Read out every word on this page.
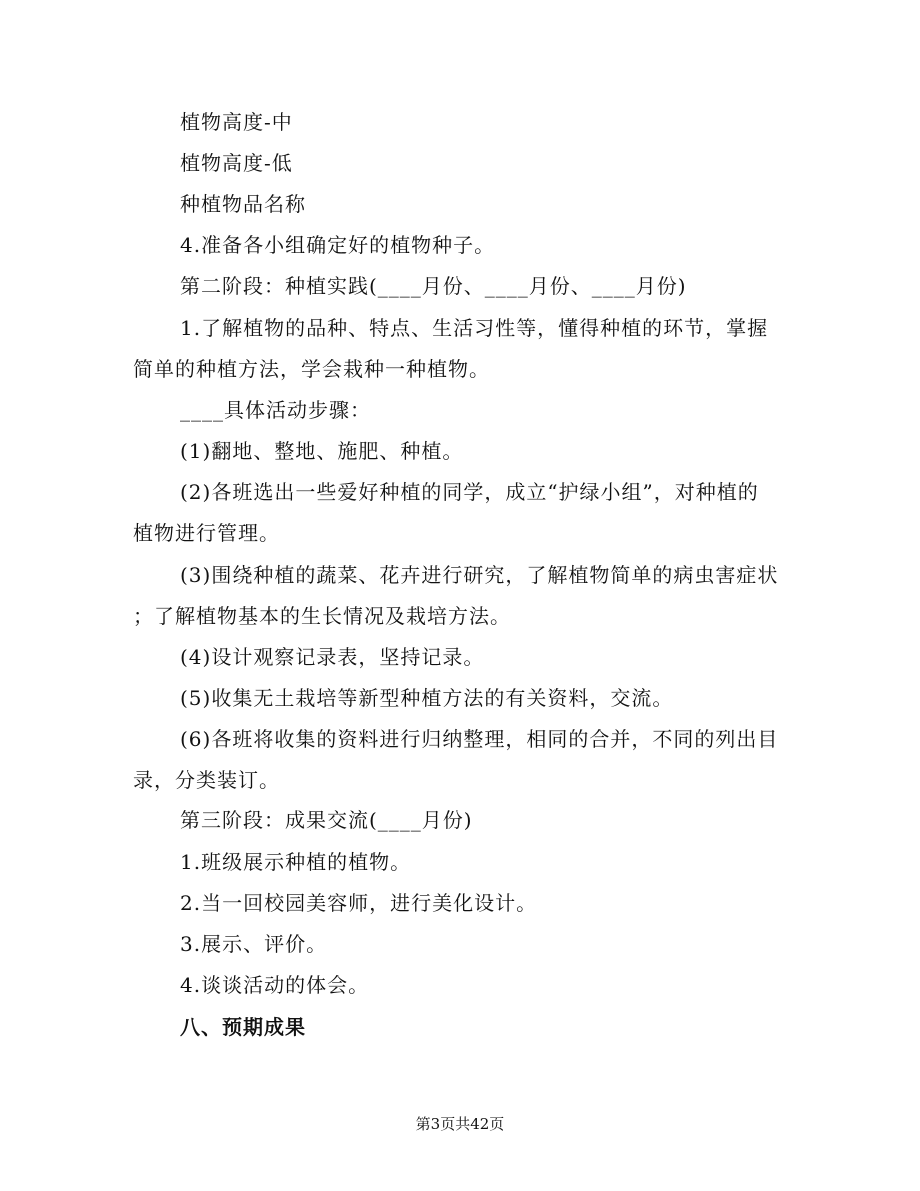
植物高度-中
植物高度-低
种植物品名称
4.准备各小组确定好的植物种子。
第二阶段：种植实践(____月份、____月份、____月份)
1.了解植物的品种、特点、生活习性等，懂得种植的环节，掌握
简单的种植方法，学会栽种一种植物。
____具体活动步骤：
(1)翻地、整地、施肥、种植。
(2)各班选出一些爱好种植的同学，成立“护绿小组”，对种植的
植物进行管理。
(3)围绕种植的蔬菜、花卉进行研究，了解植物简单的病虫害症状
；了解植物基本的生长情况及栽培方法。
(4)设计观察记录表，坚持记录。
(5)收集无土栽培等新型种植方法的有关资料，交流。
(6)各班将收集的资料进行归纳整理，相同的合并，不同的列出目
录，分类装订。
第三阶段：成果交流(____月份)
1.班级展示种植的植物。
2.当一回校园美容师，进行美化设计。
3.展示、评价。
4.谈谈活动的体会。
八、预期成果
第3页共42页
